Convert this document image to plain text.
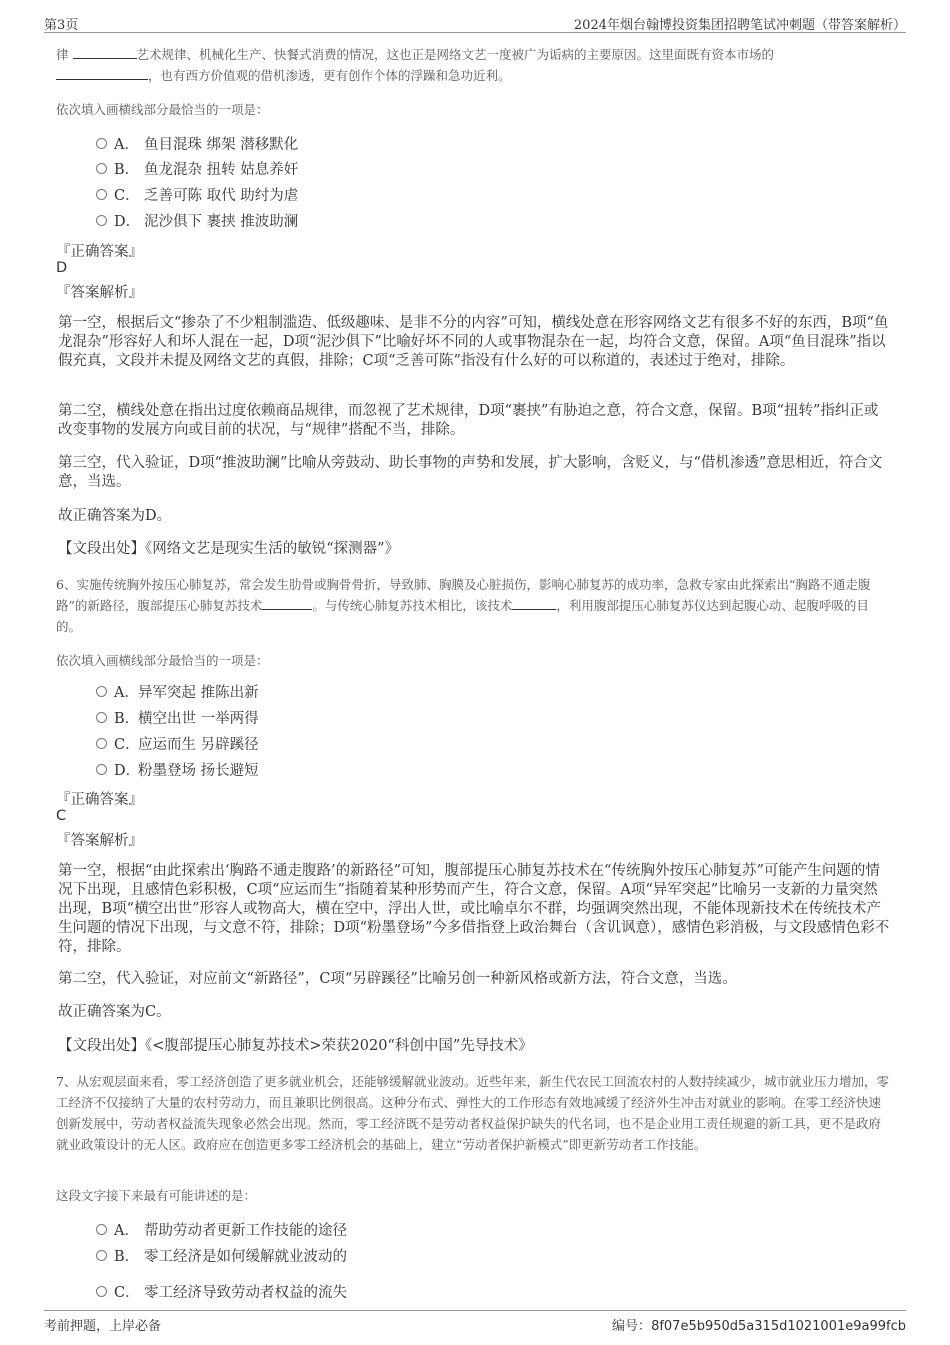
第3页	2024年烟台翰博投资集团招聘笔试冲刺题（带答案解析）
律	艺术规律、机械化生产、快餐式消费的情况，这也正是网络文艺一度被广为诟病的主要原因。这里面既有资本市场的
，也有西方价值观的借机渗透，更有创作个体的浮躁和急功近利。
依次填入画横线部分最恰当的一项是：
A． 鱼目混珠 绑架 潜移默化
B． 鱼龙混杂 扭转 姑息养奸
C． 乏善可陈 取代 助纣为虐
D． 泥沙俱下 裹挟 推波助澜
『正确答案』
D
『答案解析』
第一空，根据后文“掺杂了不少粗制滥造、低级趣味、是非不分的内容”可知，横线处意在形容网络文艺有很多不好的东西，B项“鱼龙混杂”形容好人和坏人混在一起，D项“泥沙俱下”比喻好坏不同的人或事物混杂在一起，均符合文意，保留。A项“鱼目混珠”指以假充真，文段并未提及网络文艺的真假，排除；C项“乏善可陈”指没有什么好的可以称道的，表述过于绝对，排除。
第二空，横线处意在指出过度依赖商品规律，而忽视了艺术规律，D项“裹挟”有胁迫之意，符合文意，保留。B项“扭转”指纠正或改变事物的发展方向或目前的状况，与“规律”搭配不当，排除。
第三空，代入验证，D项“推波助澜”比喻从旁鼓动、助长事物的声势和发展，扩大影响，含贬义，与“借机渗透”意思相近，符合文意，当选。
故正确答案为D。
【文段出处】《网络文艺是现实生活的敏锐“探测器”》
6、实施传统胸外按压心肺复苏，常会发生肋骨或胸骨骨折，导致肺、胸膜及心脏损伤，影响心肺复苏的成功率，急救专家由此探索出“胸路不通走腹路”的新路径，腹部提压心肺复苏技术	。与传统心肺复苏技术相比，该技术	，利用腹部提压心肺复苏仪达到起腹心动、起腹呼吸的目的。
依次填入画横线部分最恰当的一项是：
A．异军突起 推陈出新
B．横空出世 一举两得
C．应运而生 另辟蹊径
D．粉墨登场 扬长避短
『正确答案』
C
『答案解析』
第一空，根据“由此探索出‘胸路不通走腹路’的新路径”可知，腹部提压心肺复苏技术在“传统胸外按压心肺复苏”可能产生问题的情况下出现，且感情色彩积极，C项“应运而生”指随着某种形势而产生，符合文意，保留。A项“异军突起”比喻另一支新的力量突然出现，B项“横空出世”形容人或物高大，横在空中，浮出人世，或比喻卓尔不群，均强调突然出现，不能体现新技术在传统技术产生问题的情况下出现，与文意不符，排除；D项“粉墨登场”今多借指登上政治舞台（含讥讽意），感情色彩消极，与文段感情色彩不符，排除。
第二空，代入验证，对应前文“新路径”，C项“另辟蹊径”比喻另创一种新风格或新方法，符合文意，当选。
故正确答案为C。
【文段出处】《<腹部提压心肺复苏技术>荣获2020“科创中国”先导技术》
7、从宏观层面来看，零工经济创造了更多就业机会，还能够缓解就业波动。近些年来，新生代农民工回流农村的人数持续减少，城市就业压力增加，零工经济不仅接纳了大量的农村劳动力，而且兼职比例很高。这种分布式、弹性大的工作形态有效地减缓了经济外生冲击对就业的影响。在零工经济快速创新发展中，劳动者权益流失现象必然会出现。然而，零工经济既不是劳动者权益保护缺失的代名词，也不是企业用工责任规避的新工具，更不是政府就业政策设计的无人区。政府应在创造更多零工经济机会的基础上，建立“劳动者保护新模式”即更新劳动者工作技能。
这段文字接下来最有可能讲述的是：
A． 帮助劳动者更新工作技能的途径
B． 零工经济是如何缓解就业波动的
C． 零工经济导致劳动者权益的流失
考前押题，上岸必备	编号：8f07e5b950d5a315d1021001e9a99fcb
